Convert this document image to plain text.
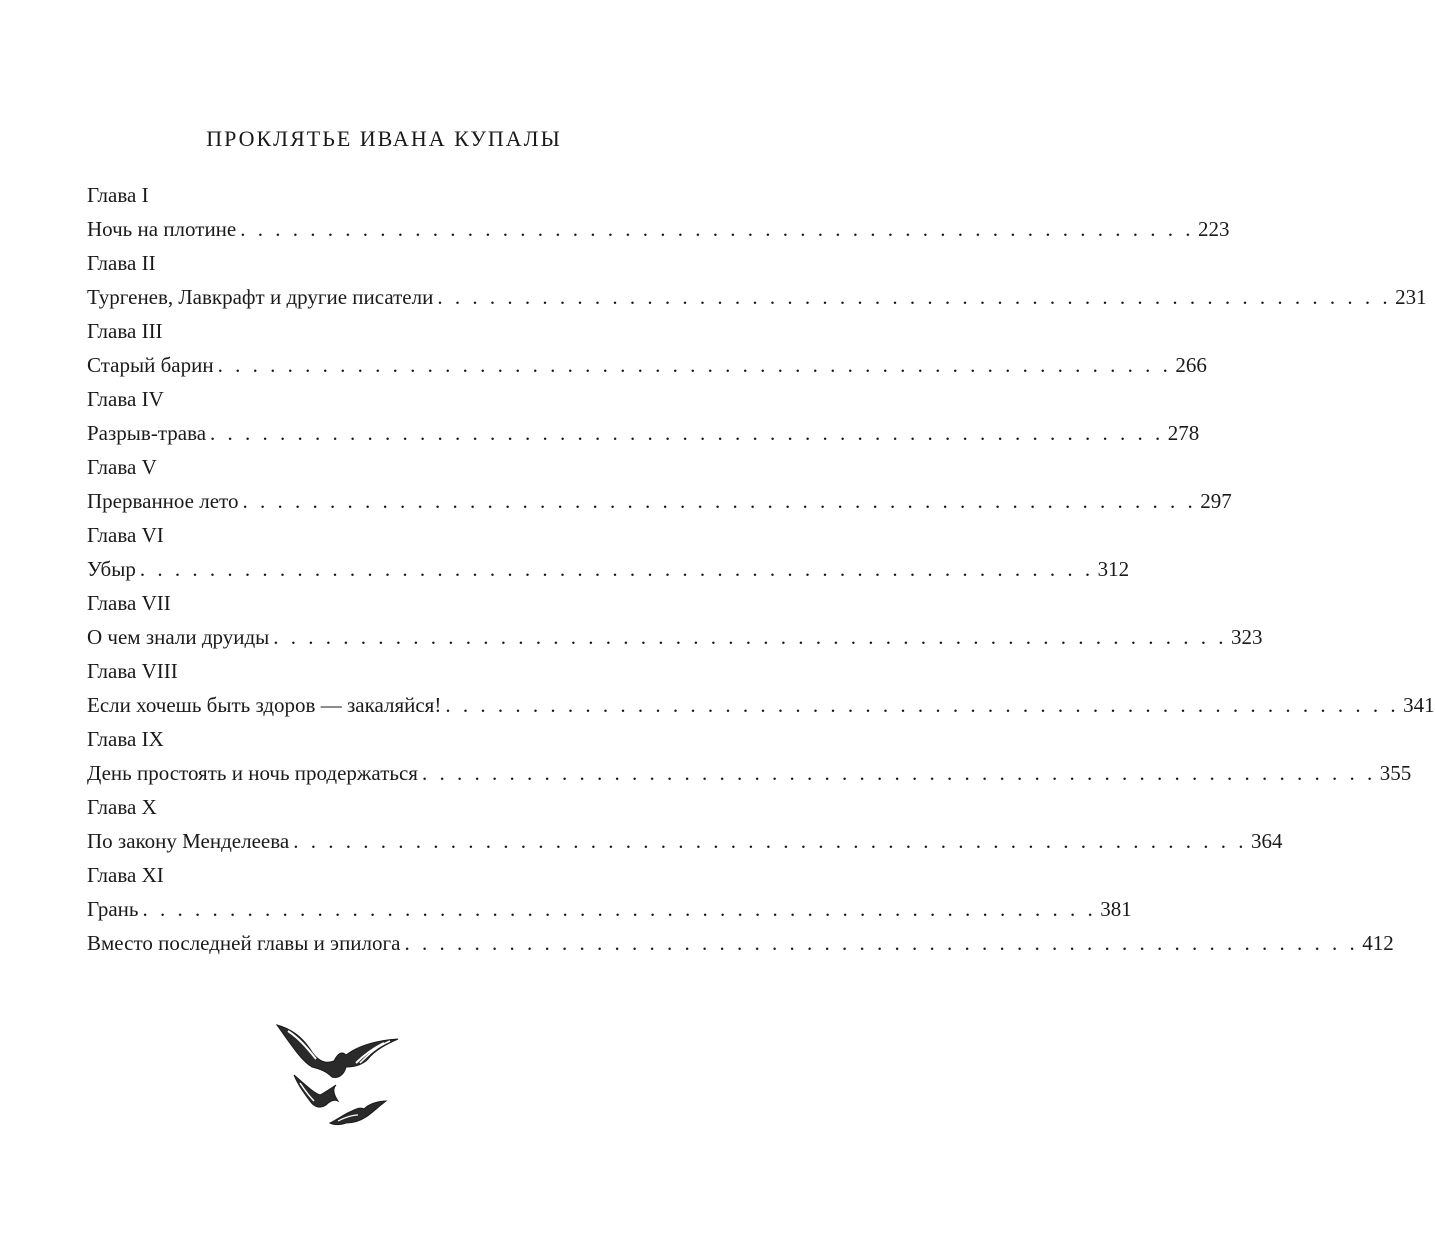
ПРОКЛЯТЬЕ ИВАНА КУПАЛЫ
Глава I
Ночь на плотине . . . . . . . . . . . . . . . . . . . . . . . . . . . . . . . . . . . . . . . . . . . . . . . . . . . . . . . 223
Глава II
Тургенев, Лавкрафт и другие писатели . . . . . . . . . . . . . . . . . . . . . . . . . . . . . . . . . . . . . . . . . . . . . . . . . . . . . . . 231
Глава III
Старый барин . . . . . . . . . . . . . . . . . . . . . . . . . . . . . . . . . . . . . . . . . . . . . . . . . . . . . . . 266
Глава IV
Разрыв-трава . . . . . . . . . . . . . . . . . . . . . . . . . . . . . . . . . . . . . . . . . . . . . . . . . . . . . . . 278
Глава V
Прерванное лето . . . . . . . . . . . . . . . . . . . . . . . . . . . . . . . . . . . . . . . . . . . . . . . . . . . . . . . 297
Глава VI
Убыр . . . . . . . . . . . . . . . . . . . . . . . . . . . . . . . . . . . . . . . . . . . . . . . . . . . . . . . 312
Глава VII
О чем знали друиды . . . . . . . . . . . . . . . . . . . . . . . . . . . . . . . . . . . . . . . . . . . . . . . . . . . . . . . 323
Глава VIII
Если хочешь быть здоров — закаляйся! . . . . . . . . . . . . . . . . . . . . . . . . . . . . . . . . . . . . . . . . . . . . . . . . . . . . . . . 341
Глава IX
День простоять и ночь продержаться . . . . . . . . . . . . . . . . . . . . . . . . . . . . . . . . . . . . . . . . . . . . . . . . . . . . . . . 355
Глава X
По закону Менделеева . . . . . . . . . . . . . . . . . . . . . . . . . . . . . . . . . . . . . . . . . . . . . . . . . . . . . . . 364
Глава XI
Грань . . . . . . . . . . . . . . . . . . . . . . . . . . . . . . . . . . . . . . . . . . . . . . . . . . . . . . . 381
Вместо последней главы и эпилога . . . . . . . . . . . . . . . . . . . . . . . . . . . . . . . . . . . . . . . . . . . . . . . . . . . . . . . 412
